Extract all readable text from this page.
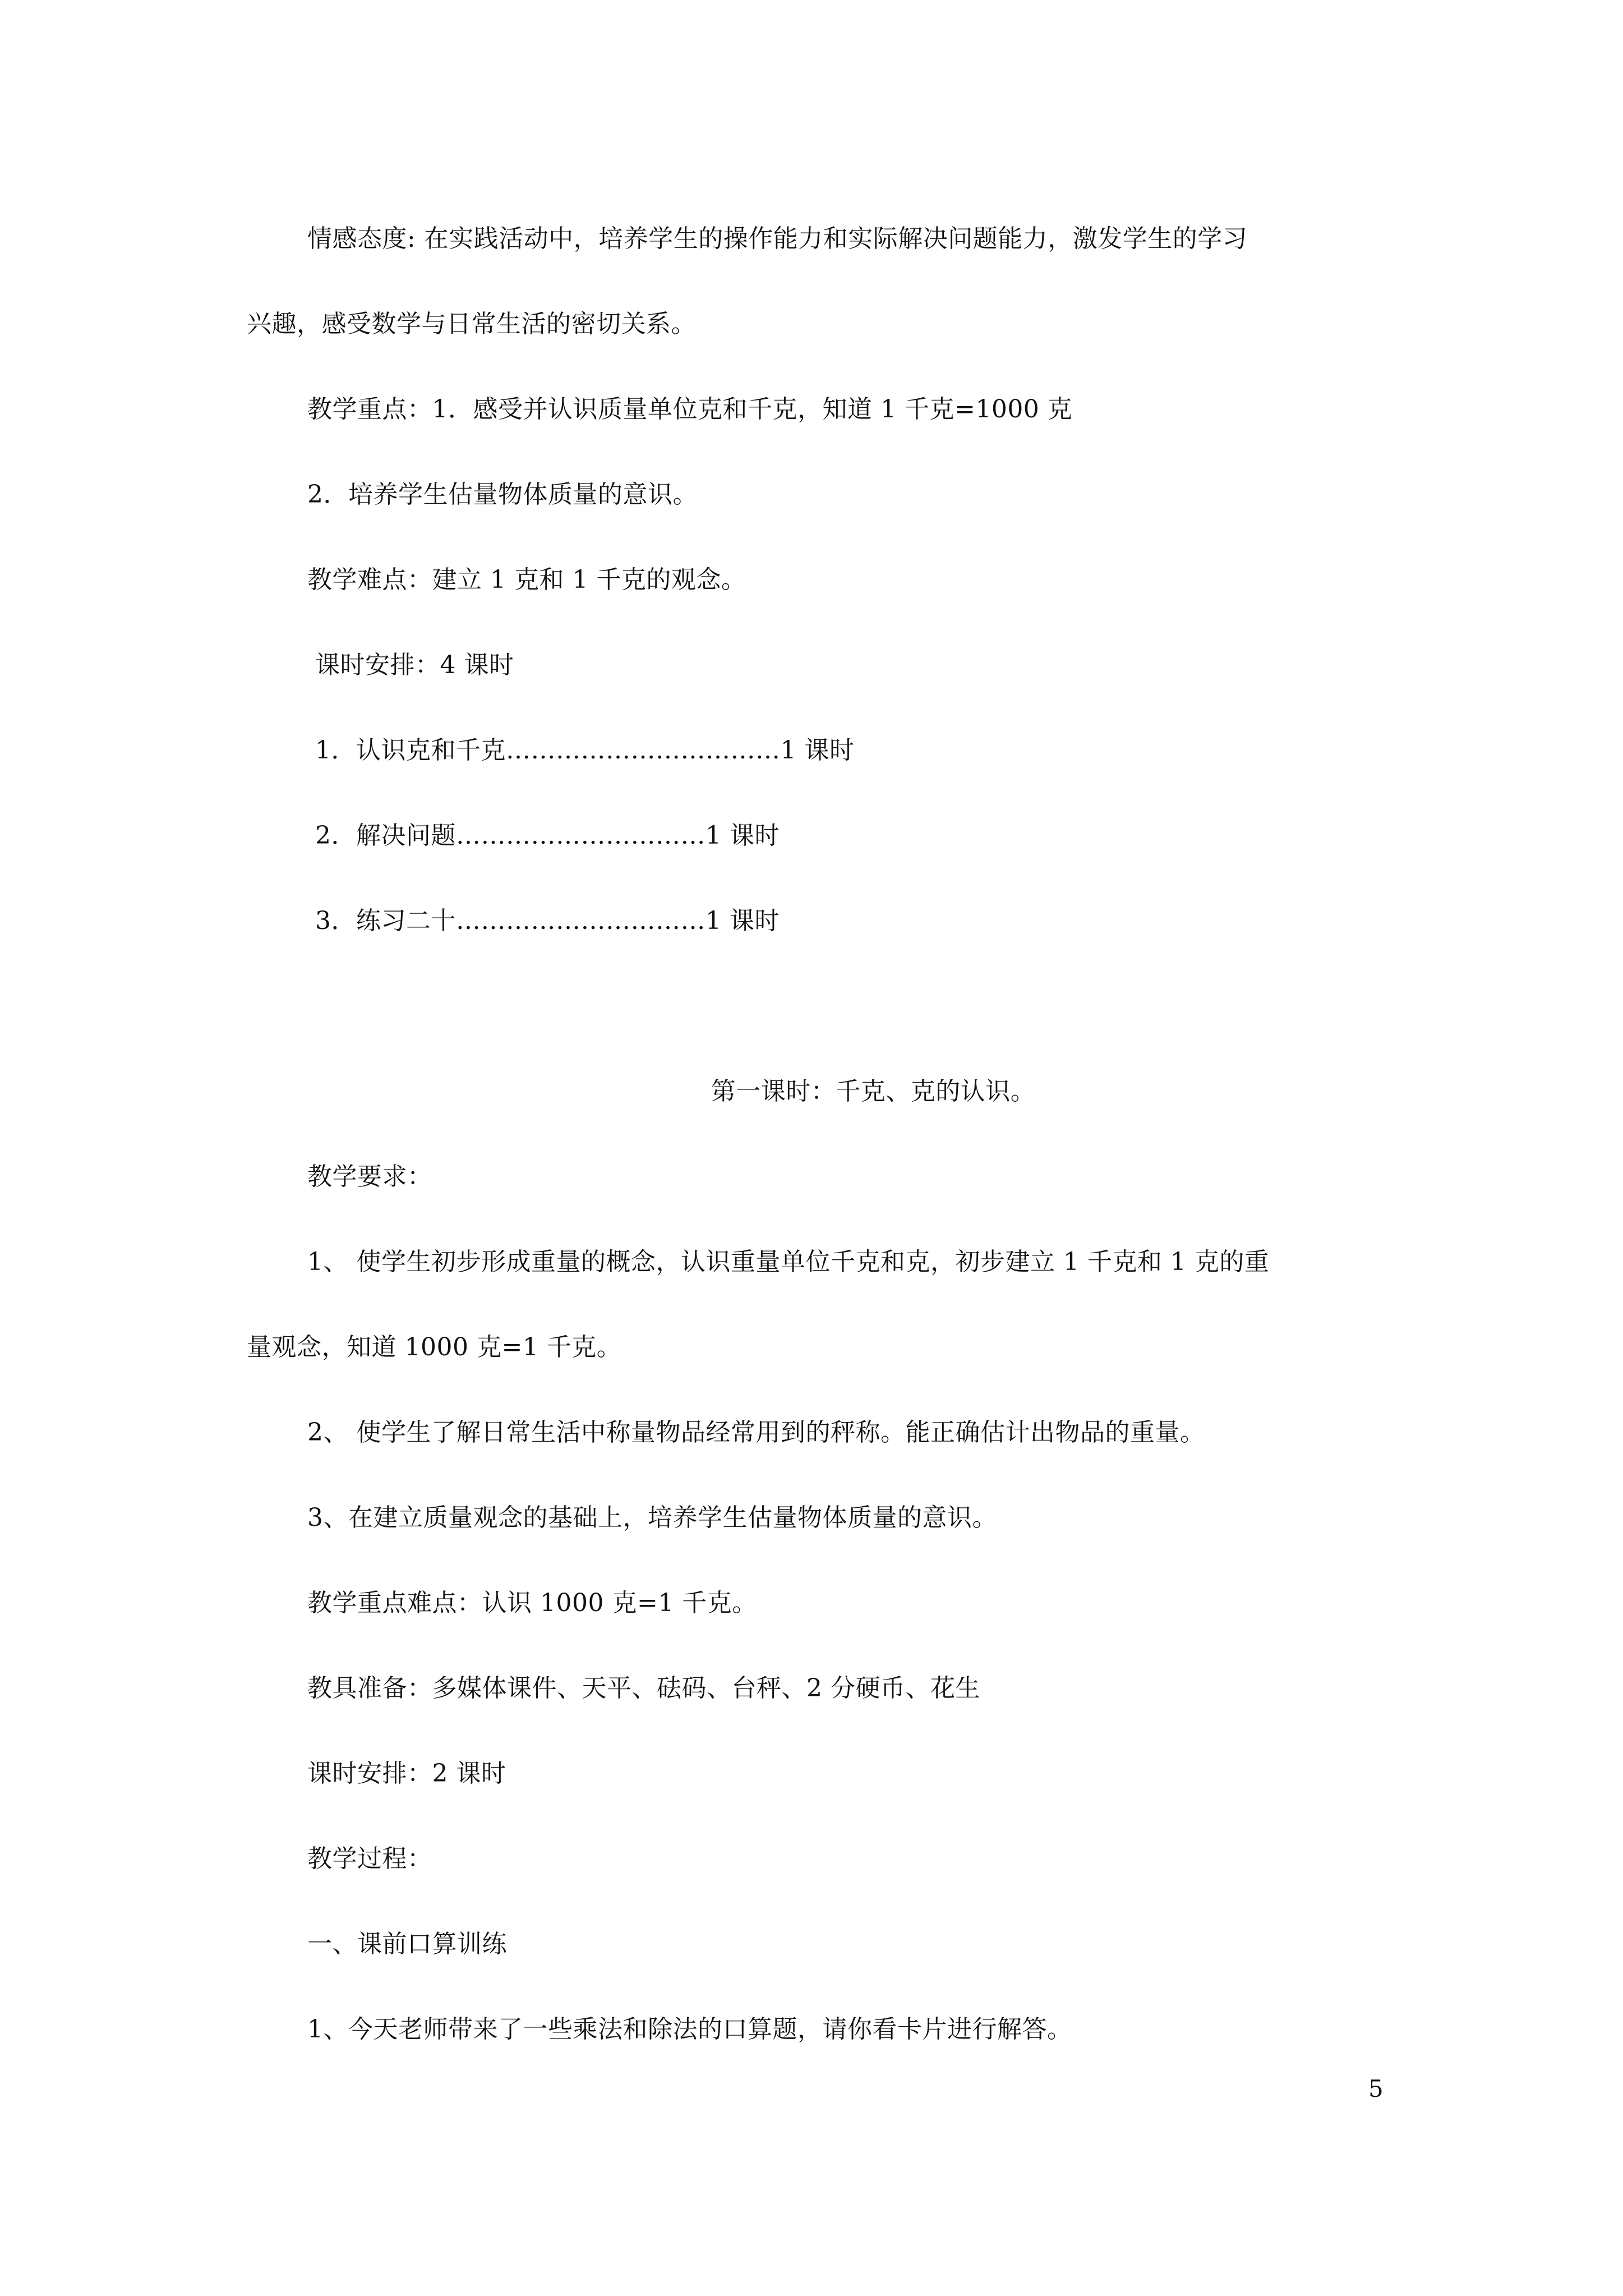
情感态度: 在实践活动中，培养学生的操作能力和实际解决问题能力，激发学生的学习
兴趣，感受数学与日常生活的密切关系。
教学重点：1．感受并认识质量单位克和千克，知道 1 千克=1000 克
2．培养学生估量物体质量的意识。
教学难点：建立 1 克和 1 千克的观念。
课时安排：4 课时
1．认识克和千克……………………………1 课时
2．解决问题…………………………1 课时
3．练习二十…………………………1 课时
第一课时：千克、克的认识。
教学要求：
1、 使学生初步形成重量的概念，认识重量单位千克和克，初步建立 1 千克和 1 克的重
量观念，知道 1000 克=1 千克。
2、 使学生了解日常生活中称量物品经常用到的秤称。能正确估计出物品的重量。
3、在建立质量观念的基础上，培养学生估量物体质量的意识。
教学重点难点：认识 1000 克=1 千克。
教具准备：多媒体课件、天平、砝码、台秤、2 分硬币、花生
课时安排：2 课时
教学过程：
一、课前口算训练
1、今天老师带来了一些乘法和除法的口算题，请你看卡片进行解答。
5
